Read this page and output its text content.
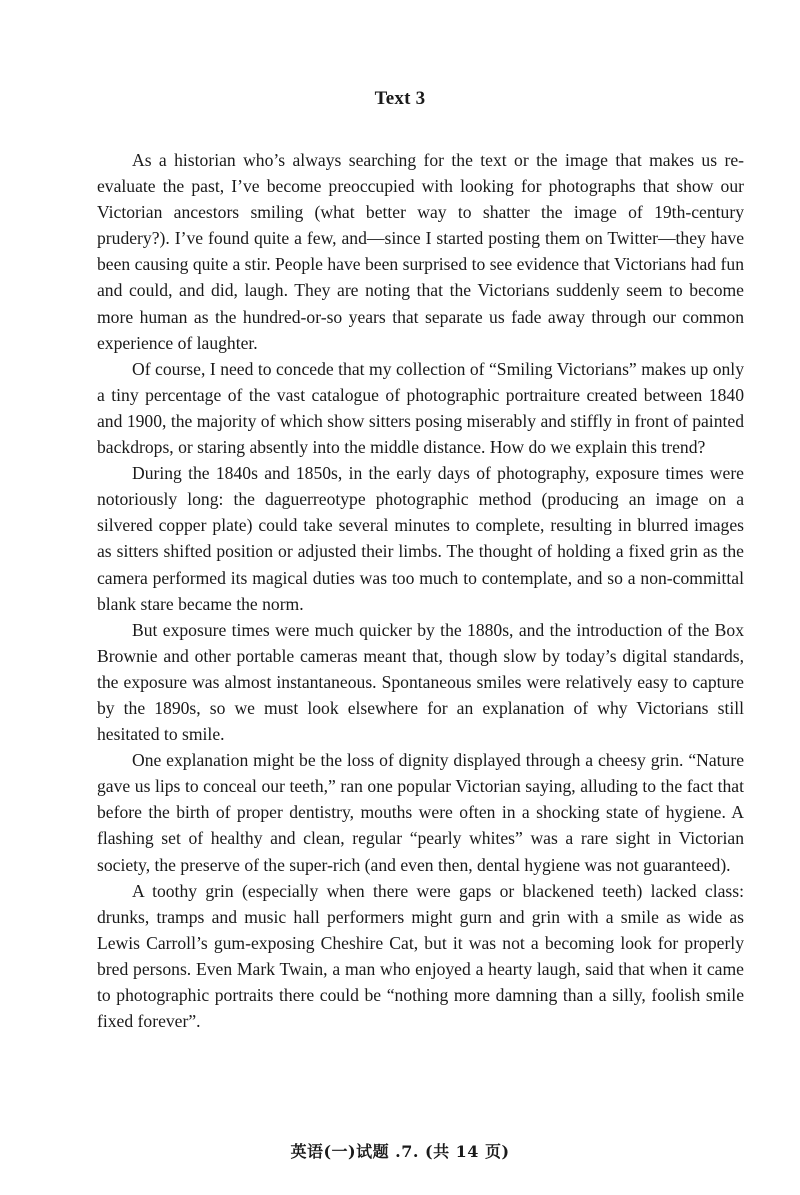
Text 3

As a historian who’s always searching for the text or the image that makes us re-evaluate the past, I’ve become preoccupied with looking for photographs that show our Victorian ancestors smiling (what better way to shatter the image of 19th-century prudery?). I’ve found quite a few, and—since I started posting them on Twitter—they have been causing quite a stir. People have been surprised to see evidence that Victorians had fun and could, and did, laugh. They are noting that the Victorians suddenly seem to become more human as the hundred-or-so years that separate us fade away through our common experience of laughter.

Of course, I need to concede that my collection of “Smiling Victorians” makes up only a tiny percentage of the vast catalogue of photographic portraiture created between 1840 and 1900, the majority of which show sitters posing miserably and stiffly in front of painted backdrops, or staring absently into the middle distance. How do we explain this trend?

During the 1840s and 1850s, in the early days of photography, exposure times were notoriously long: the daguerreotype photographic method (producing an image on a silvered copper plate) could take several minutes to complete, resulting in blurred images as sitters shifted position or adjusted their limbs. The thought of holding a fixed grin as the camera performed its magical duties was too much to contemplate, and so a non-committal blank stare became the norm.

But exposure times were much quicker by the 1880s, and the introduction of the Box Brownie and other portable cameras meant that, though slow by today’s digital standards, the exposure was almost instantaneous. Spontaneous smiles were relatively easy to capture by the 1890s, so we must look elsewhere for an explanation of why Victorians still hesitated to smile.

One explanation might be the loss of dignity displayed through a cheesy grin. “Nature gave us lips to conceal our teeth,” ran one popular Victorian saying, alluding to the fact that before the birth of proper dentistry, mouths were often in a shocking state of hygiene. A flashing set of healthy and clean, regular “pearly whites” was a rare sight in Victorian society, the preserve of the super-rich (and even then, dental hygiene was not guaranteed).

A toothy grin (especially when there were gaps or blackened teeth) lacked class: drunks, tramps and music hall performers might gurn and grin with a smile as wide as Lewis Carroll’s gum-exposing Cheshire Cat, but it was not a becoming look for properly bred persons. Even Mark Twain, a man who enjoyed a hearty laugh, said that when it came to photographic portraits there could be “nothing more damning than a silly, foolish smile fixed forever”.

英语(一)试题 .7. (共 14 页)
